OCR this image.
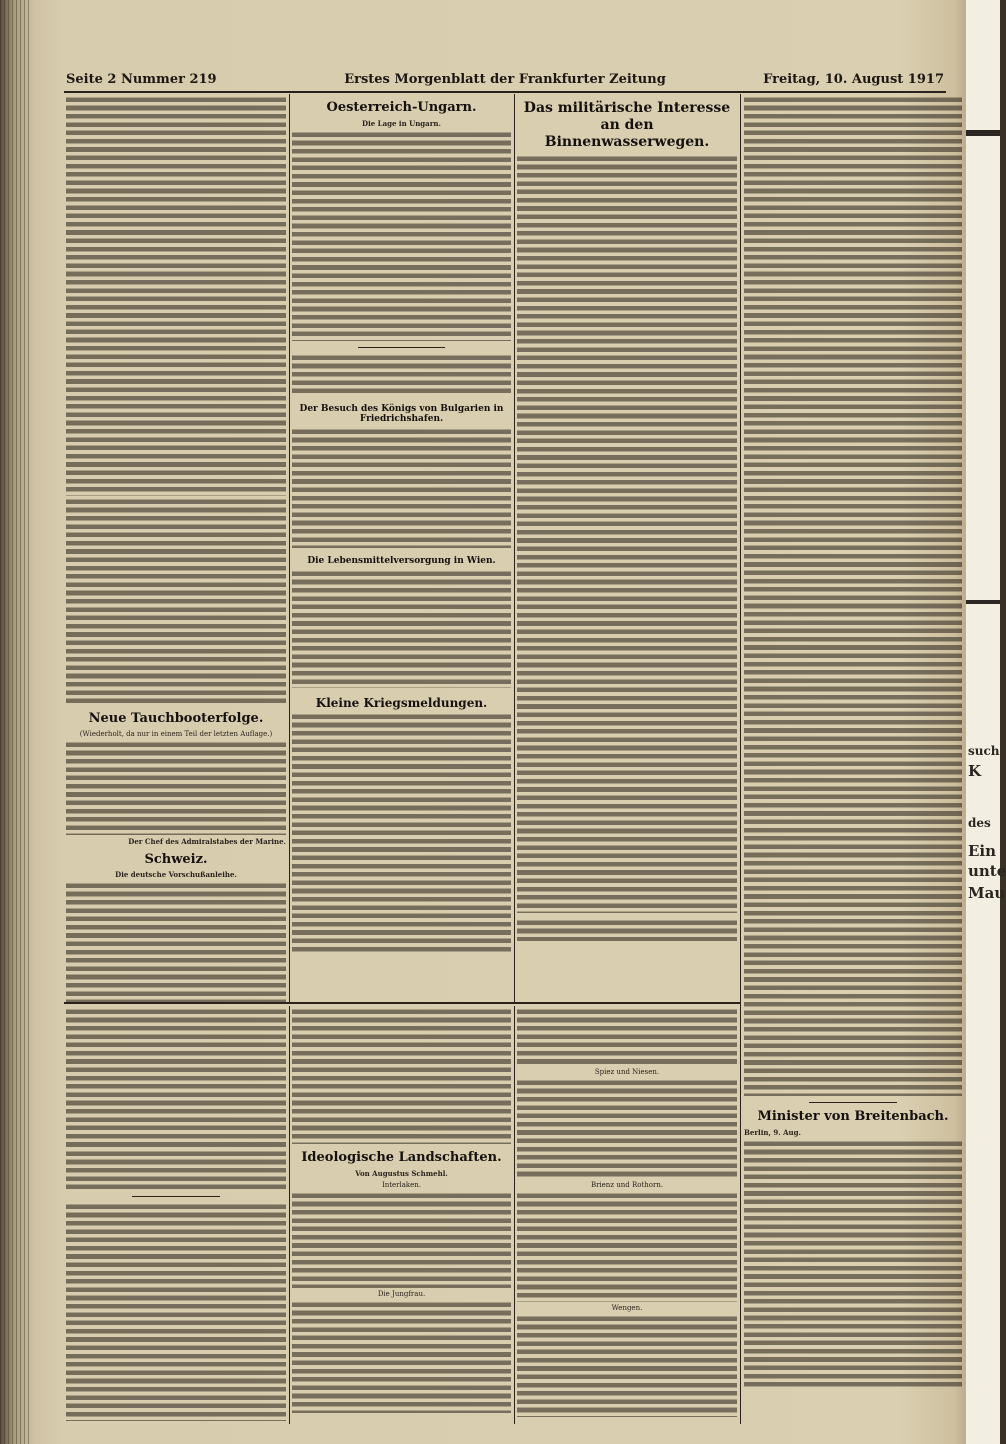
Seite 2 Nummer 219	Erstes Morgenblatt der Frankfurter Zeitung	Freitag, 10. August 1917
Neue Tauchbooterfolge.
(Wiederholt, da nur in einem Teil der letzten Auflage.)
Der Chef des Admiralstabes der Marine.
Schweiz.
Die deutsche Vorschußanleihe.
Oesterreich-Ungarn.
Die Lage in Ungarn.
Der Besuch des Königs von Bulgarien in Friedrichshafen.
Die Lebensmittelversorgung in Wien.
Kleine Kriegsmeldungen.
Das militärische Interesse an den Binnenwasserwegen.
Minister von Breitenbach.
Berlin, 9. Aug.
Ideologische Landschaften.
Von Augustus Schmehl.
Interlaken.
Die Jungfrau.
Spiez und Niesen.
Brienz und Rothorn.
Wengen.
Ein
unte
Mau
such
K
des
